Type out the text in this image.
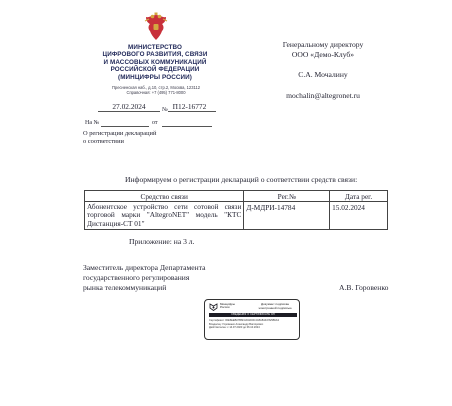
МИНИСТЕРСТВО
ЦИФРОВОГО РАЗВИТИЯ, СВЯЗИ
И МАССОВЫХ КОММУНИКАЦИЙ
РОССИЙСКОЙ ФЕДЕРАЦИИ
(МИНЦИФРЫ РОССИИ)
Пресненская наб., д.10, стр.2, Москва, 123112
Справочная: +7 (495) 771-8000
27.02.2024	№ П12-16772
На №	от
Генеральному директору
ООО «Демо-Клуб»
С.А. Мочалину
mochalin@altegronet.ru
О регистрации деклараций
о соответствии
Информируем о регистрации деклараций о соответствии средств связи:
Средство связи	Рег.№	Дата рег.
Абонентское устройство сети сотовой связи торговой марки "AltegroNET" модель "КТС Дистанция-СТ 01"	Д-МДРИ-14784	15.02.2024
Приложение: на 3 л.
Заместитель директора Департамента
государственного регулирования
рынка телекоммуникаций	А.В. Горовенко
Минцифры
России
Документ подписан
электронной подписью
СВЕДЕНИЯ О СЕРТИФИКАТЕ ЭП
Сертификат: 00E5EEB07B6F3A91D0C4C8AB1F27E5B6A3
Владелец: Горовенко Александр Викторович
Действителен: с 14.07.2023 до 06.10.2024
